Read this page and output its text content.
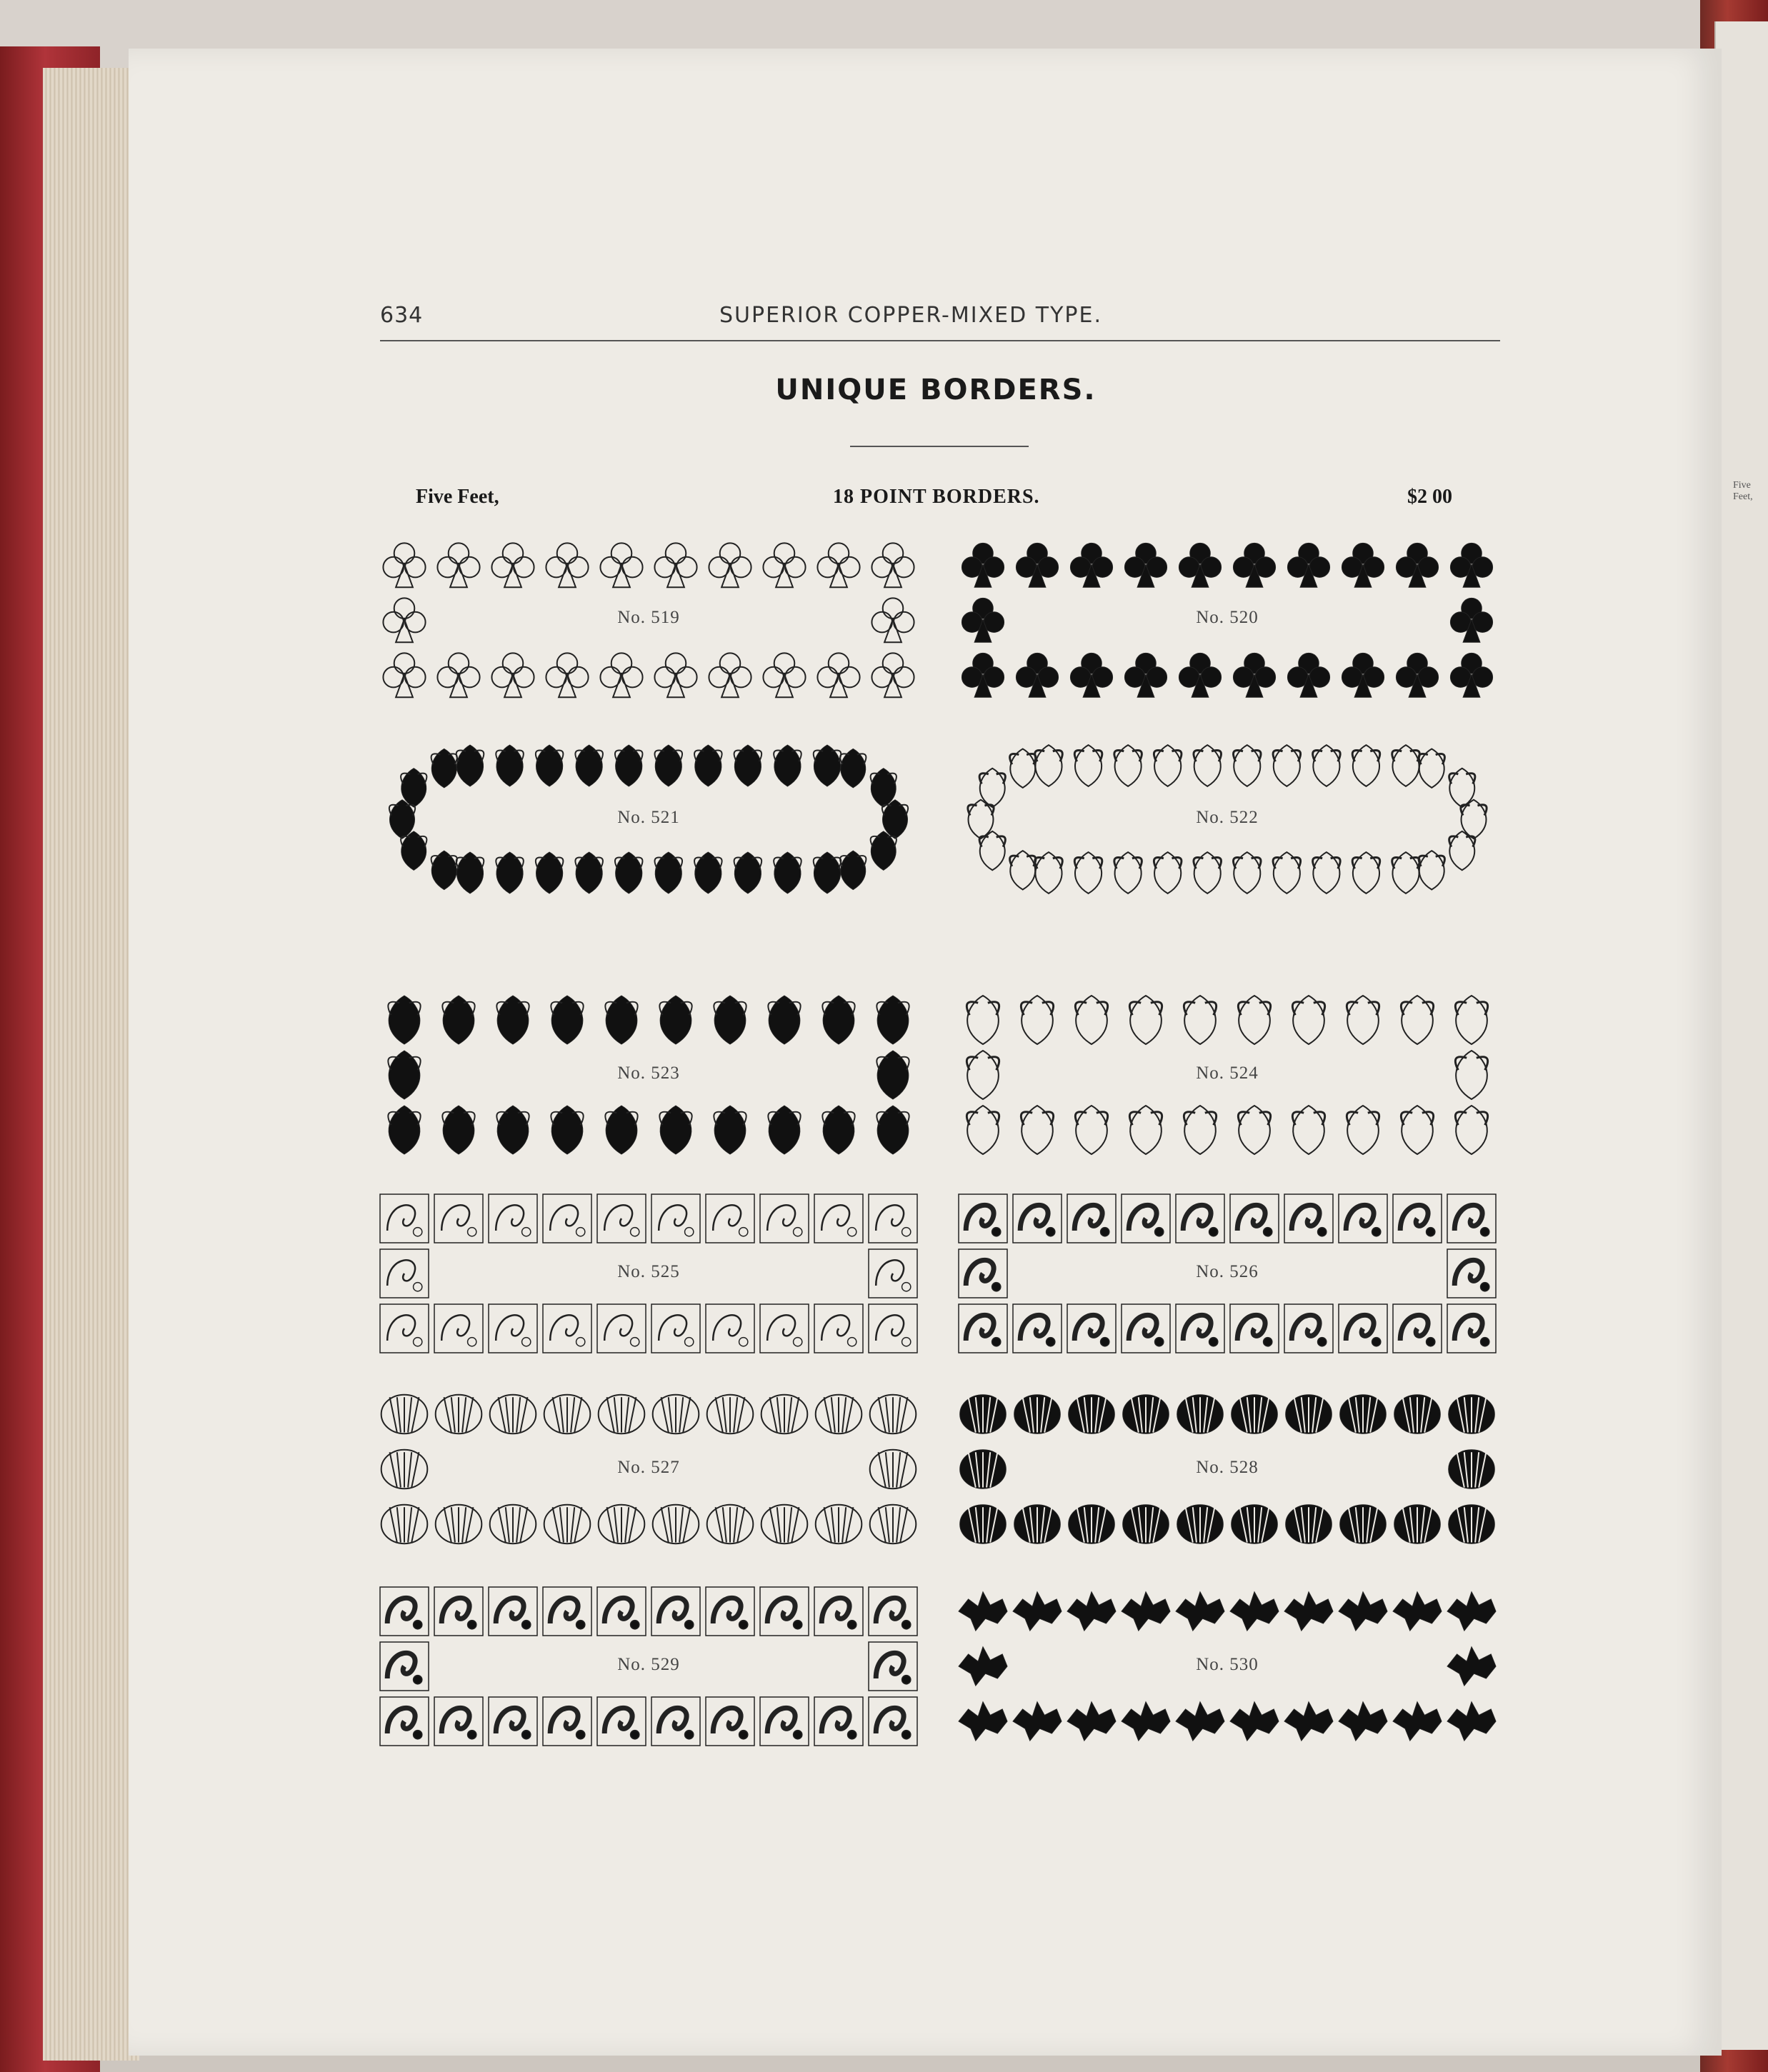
Five Feet,
634	SUPERIOR COPPER-MIXED TYPE.
UNIQUE BORDERS.
Five Feet,	18 POINT BORDERS.	$2 00
No. 519	No. 520
No. 521	No. 522
No. 523	No. 524
No. 525	No. 526
No. 527	No. 528
No. 529	No. 530
